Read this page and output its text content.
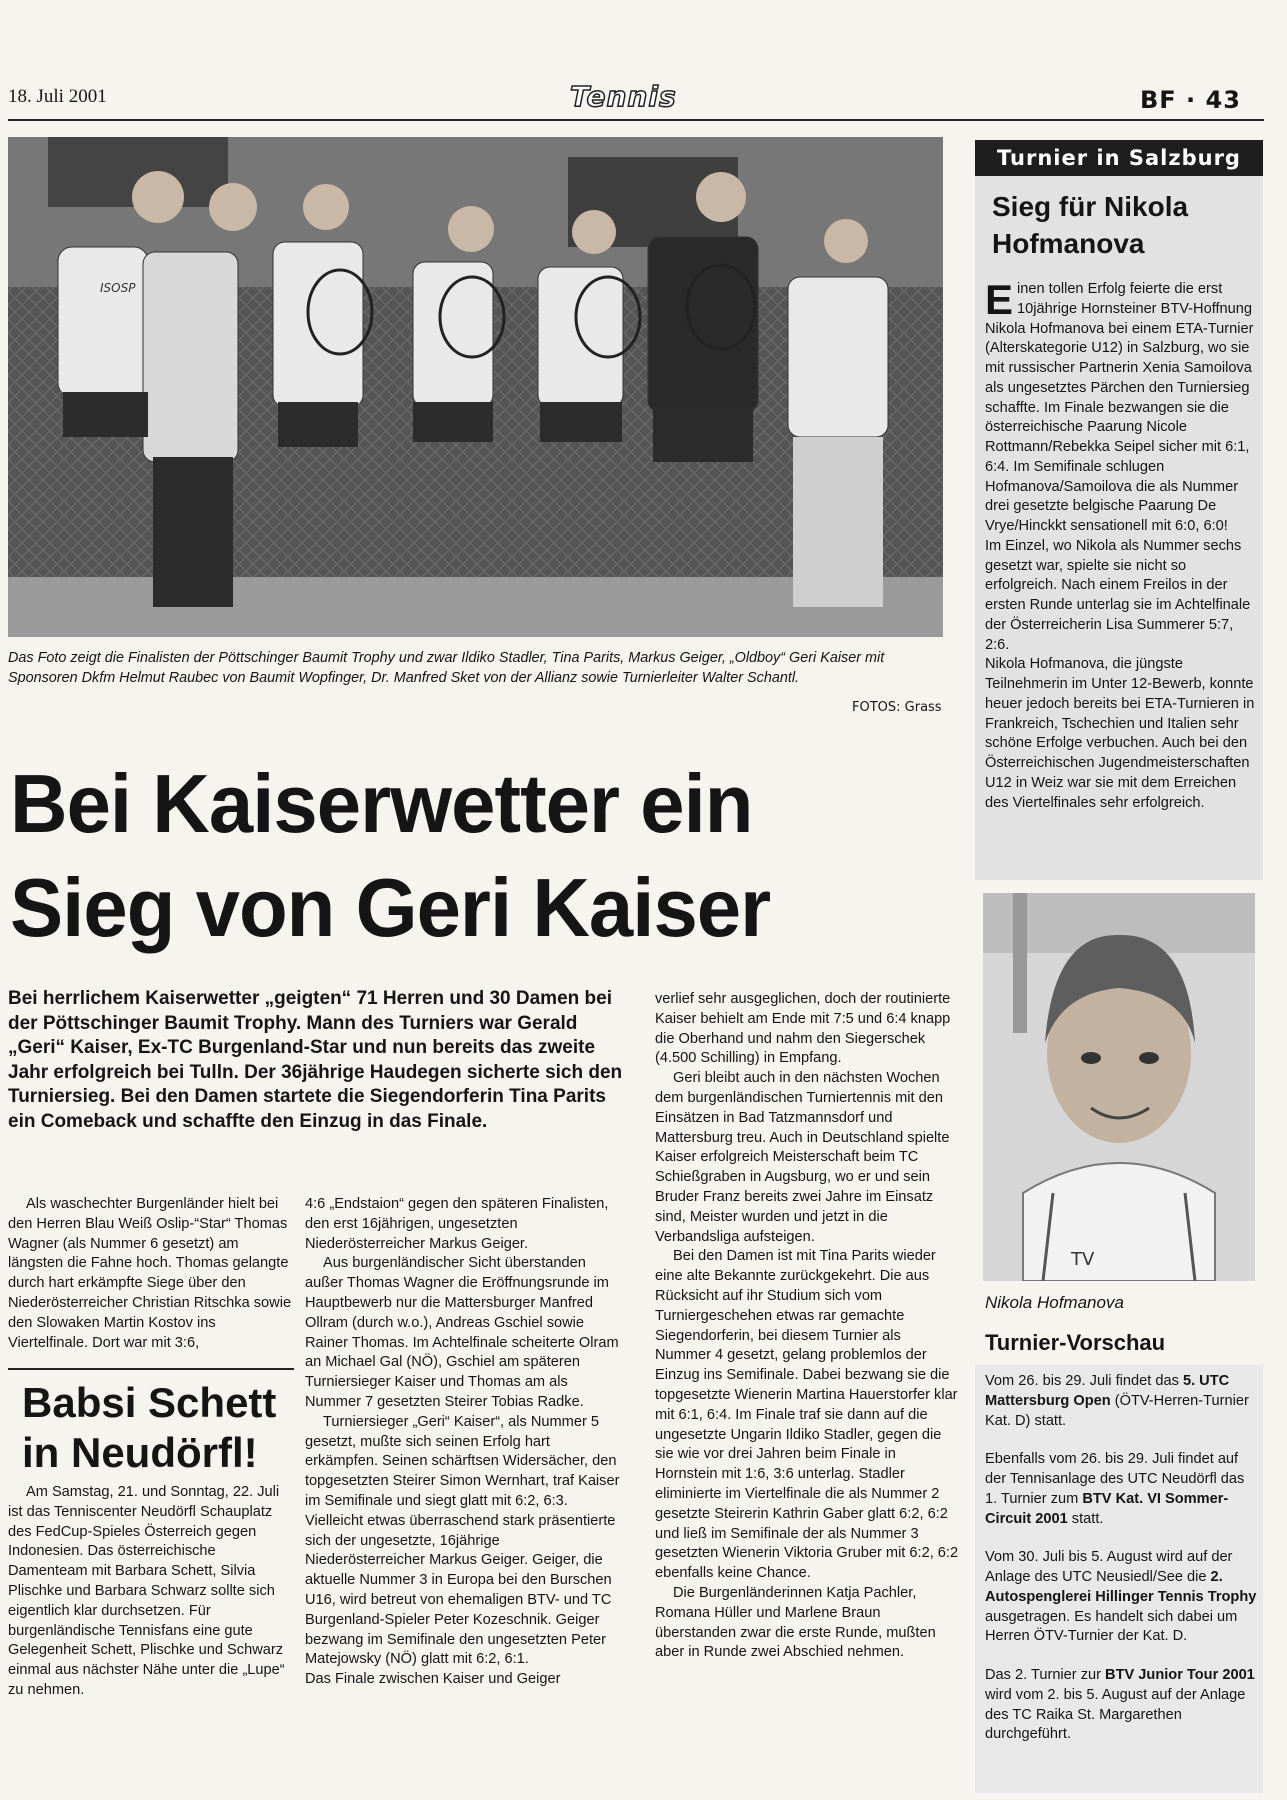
18. Juli 2001	Tennis	BF · 43
ISOSP
Das Foto zeigt die Finalisten der Pöttschinger Baumit Trophy und zwar Ildiko Stadler, Tina Parits, Markus Geiger, „Oldboy“ Geri Kaiser mit Sponsoren Dkfm Helmut Raubec von Baumit Wopfinger, Dr. Manfred Sket von der Allianz sowie Turnierleiter Walter Schantl.
FOTOS: Grass
Bei Kaiserwetter ein
Sieg von Geri Kaiser
Bei herrlichem Kaiserwetter „geigten“ 71 Herren und 30 Damen bei der Pöttschinger Baumit Trophy. Mann des Turniers war Gerald „Geri“ Kaiser, Ex-TC Burgenland-Star und nun bereits das zweite Jahr erfolgreich bei Tulln. Der 36jährige Haudegen sicherte sich den Turniersieg. Bei den Damen startete die Siegendorferin Tina Parits ein Comeback und schaffte den Einzug in das Finale.

Als waschechter Burgenländer hielt bei den Herren Blau Weiß Oslip-“Star“ Thomas Wagner (als Nummer 6 gesetzt) am längsten die Fahne hoch. Thomas gelangte durch hart erkämpfte Siege über den Niederösterreicher Christian Ritschka sowie den Slowaken Martin Kostov ins Viertelfinale. Dort war mit 3:6,

Babsi Schett
in Neudörfl!

Am Samstag, 21. und Sonntag, 22. Juli ist das Tenniscenter Neudörfl Schauplatz des FedCup-Spieles Österreich gegen Indonesien. Das österreichische Damenteam mit Barbara Schett, Silvia Plischke und Barbara Schwarz sollte sich eigentlich klar durchsetzen. Für burgenländische Tennisfans eine gute Gelegenheit Schett, Plischke und Schwarz einmal aus nächster Nähe unter die „Lupe“ zu nehmen.

4:6 „Endstaion“ gegen den späteren Finalisten, den erst 16jährigen, ungesetzten Niederösterreicher Markus Geiger.

Aus burgenländischer Sicht überstanden außer Thomas Wagner die Eröffnungsrunde im Hauptbewerb nur die Mattersburger Manfred Ollram (durch w.o.), Andreas Gschiel sowie Rainer Thomas. Im Achtelfinale scheiterte Olram an Michael Gal (NÖ), Gschiel am späteren Turniersieger Kaiser und Thomas am als Nummer 7 gesetzten Steirer Tobias Radke.

Turniersieger „Geri“ Kaiser“, als Nummer 5 gesetzt, mußte sich seinen Erfolg hart erkämpfen. Seinen schärftsen Widersächer, den topgesetzten Steirer Simon Wernhart, traf Kaiser im Semifinale und siegt glatt mit 6:2, 6:3. Vielleicht etwas überraschend stark präsentierte sich der ungesetzte, 16jährige Niederösterreicher Markus Geiger. Geiger, die aktuelle Nummer 3 in Europa bei den Burschen U16, wird betreut von ehemaligen BTV- und TC Burgenland-Spieler Peter Kozeschnik. Geiger bezwang im Semifinale den ungesetzten Peter Matejowsky (NÖ) glatt mit 6:2, 6:1.

Das Finale zwischen Kaiser und Geiger

verlief sehr ausgeglichen, doch der routinierte Kaiser behielt am Ende mit 7:5 und 6:4 knapp die Oberhand und nahm den Siegerschek (4.500 Schilling) in Empfang.

Geri bleibt auch in den nächsten Wochen dem burgenländischen Turniertennis mit den Einsätzen in Bad Tatzmannsdorf und Mattersburg treu. Auch in Deutschland spielte Kaiser erfolgreich Meisterschaft beim TC Schießgraben in Augsburg, wo er und sein Bruder Franz bereits zwei Jahre im Einsatz sind, Meister wurden und jetzt in die Verbandsliga aufsteigen.

Bei den Damen ist mit Tina Parits wieder eine alte Bekannte zurückgekehrt. Die aus Rücksicht auf ihr Studium sich vom Turniergeschehen etwas rar gemachte Siegendorferin, bei diesem Turnier als Nummer 4 gesetzt, gelang problemlos der Einzug ins Semifinale. Dabei bezwang sie die topgesetzte Wienerin Martina Hauerstorfer klar mit 6:1, 6:4. Im Finale traf sie dann auf die ungesetzte Ungarin Ildiko Stadler, gegen die sie wie vor drei Jahren beim Finale in Hornstein mit 1:6, 3:6 unterlag. Stadler eliminierte im Viertelfinale die als Nummer 2 gesetzte Steirerin Kathrin Gaber glatt 6:2, 6:2 und ließ im Semifinale der als Nummer 3 gesetzten Wienerin Viktoria Gruber mit 6:2, 6:2 ebenfalls keine Chance.

Die Burgenländerinnen Katja Pachler, Romana Hüller und Marlene Braun überstanden zwar die erste Runde, mußten aber in Runde zwei Abschied nehmen.

Turnier in Salzburg
Sieg für Nikola Hofmanova

Einen tollen Erfolg feierte die erst 10jährige Hornsteiner BTV-Hoffnung Nikola Hofmanova bei einem ETA-Turnier (Alterskategorie U12) in Salzburg, wo sie mit russischer Partnerin Xenia Samoilova als ungesetztes Pärchen den Turniersieg schaffte. Im Finale bezwangen sie die österreichische Paarung Nicole Rottmann/Rebekka Seipel sicher mit 6:1, 6:4. Im Semifinale schlugen Hofmanova/Samoilova die als Nummer drei gesetzte belgische Paarung De Vrye/Hinckkt sensationell mit 6:0, 6:0!

Im Einzel, wo Nikola als Nummer sechs gesetzt war, spielte sie nicht so erfolgreich. Nach einem Freilos in der ersten Runde unterlag sie im Achtelfinale der Österreicherin Lisa Summerer 5:7, 2:6.

Nikola Hofmanova, die jüngste Teilnehmerin im Unter 12-Bewerb, konnte heuer jedoch bereits bei ETA-Turnieren in Frankreich, Tschechien und Italien sehr schöne Erfolge verbuchen. Auch bei den Österreichischen Jugendmeisterschaften U12 in Weiz war sie mit dem Erreichen des Viertelfinales sehr erfolgreich.

TV
Nikola Hofmanova
Turnier-Vorschau

Vom 26. bis 29. Juli findet das 5. UTC Mattersburg Open (ÖTV-Herren-Turnier Kat. D) statt.

Ebenfalls vom 26. bis 29. Juli findet auf der Tennisanlage des UTC Neudörfl das 1. Turnier zum BTV Kat. VI Sommer-Circuit 2001 statt.

Vom 30. Juli bis 5. August wird auf der Anlage des UTC Neusiedl/See die 2. Autospenglerei Hillinger Tennis Trophy ausgetragen. Es handelt sich dabei um Herren ÖTV-Turnier der Kat. D.

Das 2. Turnier zur BTV Junior Tour 2001 wird vom 2. bis 5. August auf der Anlage des TC Raika St. Margarethen durchgeführt.
